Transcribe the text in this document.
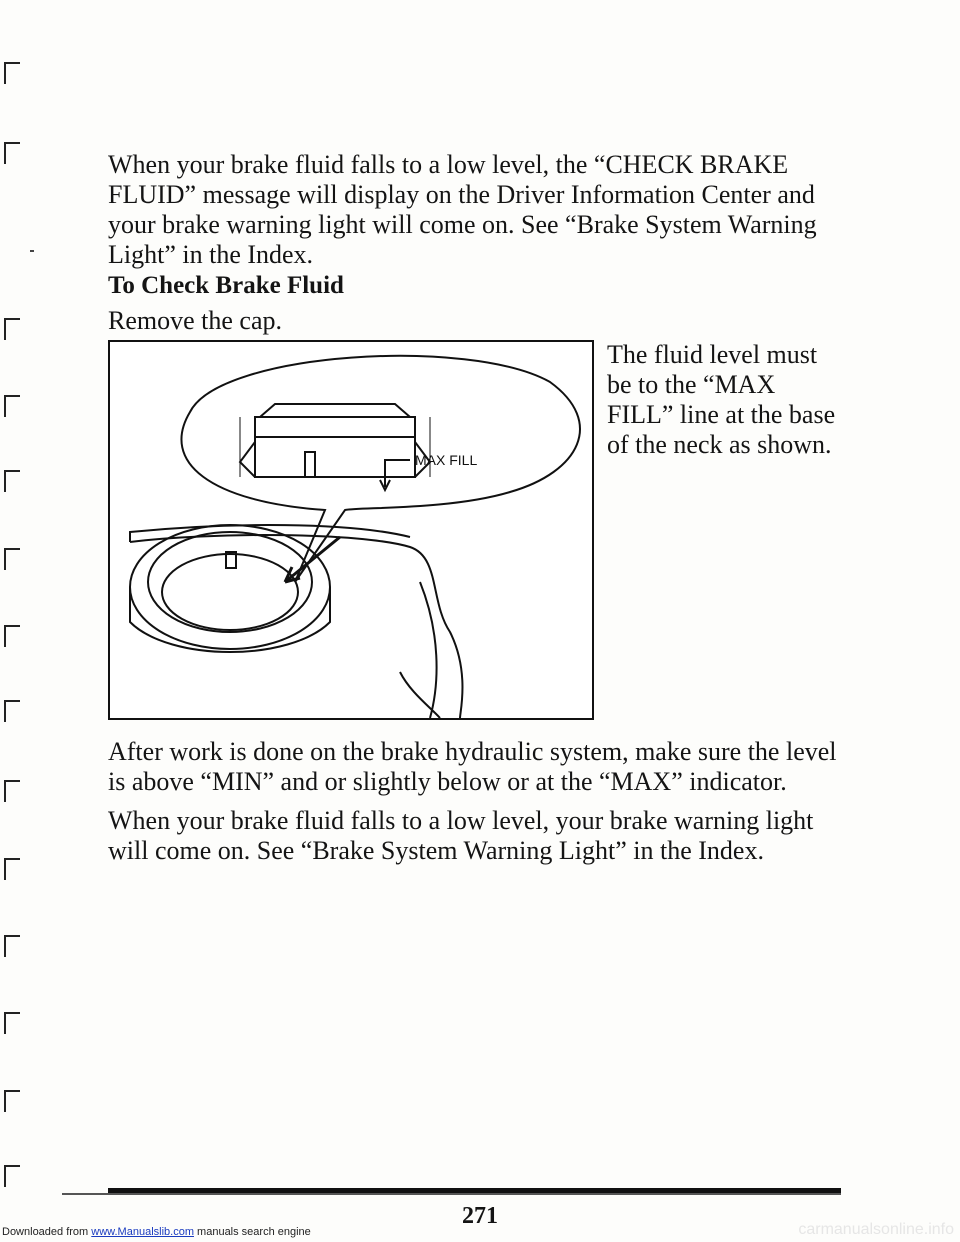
When your brake fluid falls to a low level, the “CHECK BRAKE FLUID” message will display on the Driver Information Center and your brake warning light will come on. See “Brake System Warning Light” in the Index.

To Check Brake Fluid

Remove the cap.

MAX FILL

The fluid level must be to the “MAX FILL” line at the base of the neck as shown.

After work is done on the brake hydraulic system, make sure the level is above “MIN” and or slightly below or at the “MAX” indicator.

When your brake fluid falls to a low level, your brake warning light will come on. See “Brake System Warning Light” in the Index.

271
Downloaded from www.Manualslib.com manuals search engine	carmanualsonline.info
